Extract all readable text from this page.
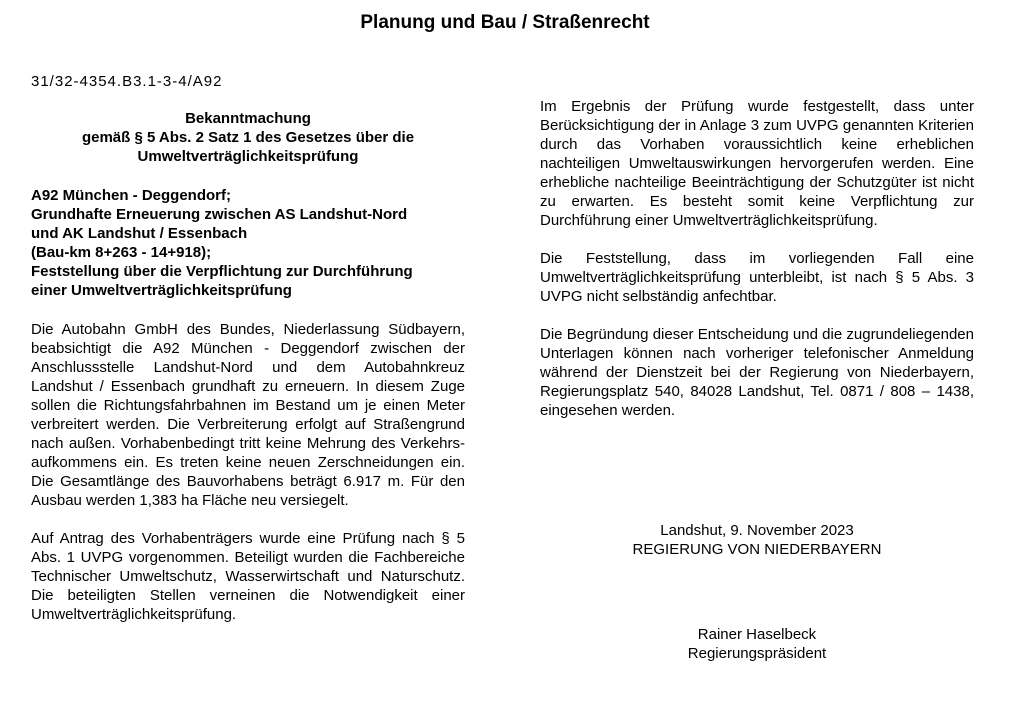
Planung und Bau / Straßenrecht
31/32-4354.B3.1-3-4/A92
Bekanntmachung
gemäß § 5 Abs. 2 Satz 1 des Gesetzes über die
Umweltverträglichkeitsprüfung
A92 München - Deggendorf;
Grundhafte Erneuerung zwischen AS Landshut-Nord
und AK Landshut / Essenbach
(Bau-km 8+263 - 14+918);
Feststellung über die Verpflichtung zur Durchführung
einer Umweltverträglichkeitsprüfung

Die Autobahn GmbH des Bundes, Niederlassung Südbayern, beabsichtigt die A92 München - Deggendorf zwischen der Anschlussstelle Landshut-Nord und dem Autobahnkreuz Landshut / Essenbach grundhaft zu erneuern. In diesem Zuge sollen die Richtungsfahrbahnen im Bestand um je einen Meter verbreitert werden. Die Verbreiterung erfolgt auf Straßengrund nach außen. Vorhabenbedingt tritt keine Mehrung des Verkehrsaufkommens ein. Es treten keine neuen Zerschneidungen ein. Die Gesamtlänge des Bauvorhabens beträgt 6.917 m. Für den Ausbau werden 1,383 ha Fläche neu versiegelt.

Auf Antrag des Vorhabenträgers wurde eine Prüfung nach § 5 Abs. 1 UVPG vorgenommen. Beteiligt wurden die Fachbereiche Technischer Umweltschutz, Wasserwirtschaft und Naturschutz. Die beteiligten Stellen verneinen die Notwendigkeit einer Umweltverträglichkeitsprüfung.

Im Ergebnis der Prüfung wurde festgestellt, dass unter Berücksichtigung der in Anlage 3 zum UVPG genannten Kriterien durch das Vorhaben voraussichtlich keine erheblichen nachteiligen Umweltauswirkungen hervorgerufen werden. Eine erhebliche nachteilige Beeinträchtigung der Schutzgüter ist nicht zu erwarten. Es besteht somit keine Verpflichtung zur Durchführung einer Umweltverträglichkeitsprüfung.

Die Feststellung, dass im vorliegenden Fall eine Umweltverträglichkeitsprüfung unterbleibt, ist nach § 5 Abs. 3 UVPG nicht selbständig anfechtbar.

Die Begründung dieser Entscheidung und die zugrundeliegenden Unterlagen können nach vorheriger telefonischer Anmeldung während der Dienstzeit bei der Regierung von Niederbayern, Regierungsplatz 540, 84028 Landshut, Tel. 0871 / 808 – 1438, eingesehen werden.

Landshut, 9. November 2023
REGIERUNG VON NIEDERBAYERN
Rainer Haselbeck
Regierungspräsident
